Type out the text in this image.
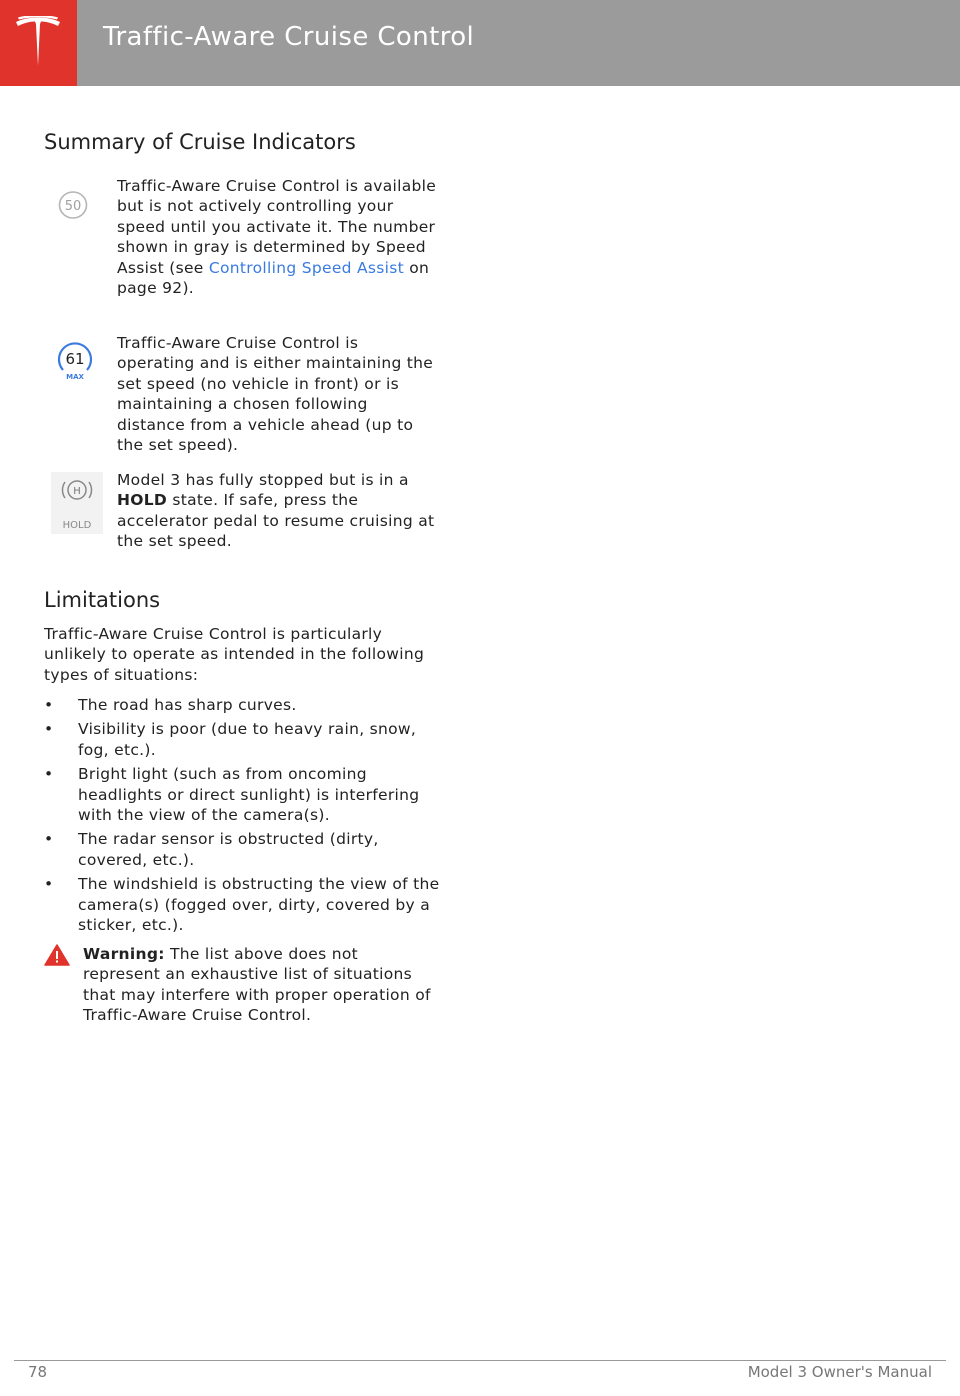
Traffic-Aware Cruise Control
Summary of Cruise Indicators
50
Traffic-Aware Cruise Control is available but is not actively controlling your speed until you activate it. The number shown in gray is determined by Speed Assist (see Controlling Speed Assist on page 92).
61
MAX
Traffic-Aware Cruise Control is operating and is either maintaining the set speed (no vehicle in front) or is maintaining a chosen following distance from a vehicle ahead (up to the set speed).
H
HOLD
Model 3 has fully stopped but is in a HOLD state. If safe, press the accelerator pedal to resume cruising at the set speed.
Limitations
Traffic-Aware Cruise Control is particularly unlikely to operate as intended in the following types of situations:
• The road has sharp curves.
• Visibility is poor (due to heavy rain, snow, fog, etc.).
• Bright light (such as from oncoming headlights or direct sunlight) is interfering with the view of the camera(s).
• The radar sensor is obstructed (dirty, covered, etc.).
• The windshield is obstructing the view of the camera(s) (fogged over, dirty, covered by a sticker, etc.).
Warning: The list above does not represent an exhaustive list of situations that may interfere with proper operation of Traffic-Aware Cruise Control.
78	Model 3 Owner's Manual
